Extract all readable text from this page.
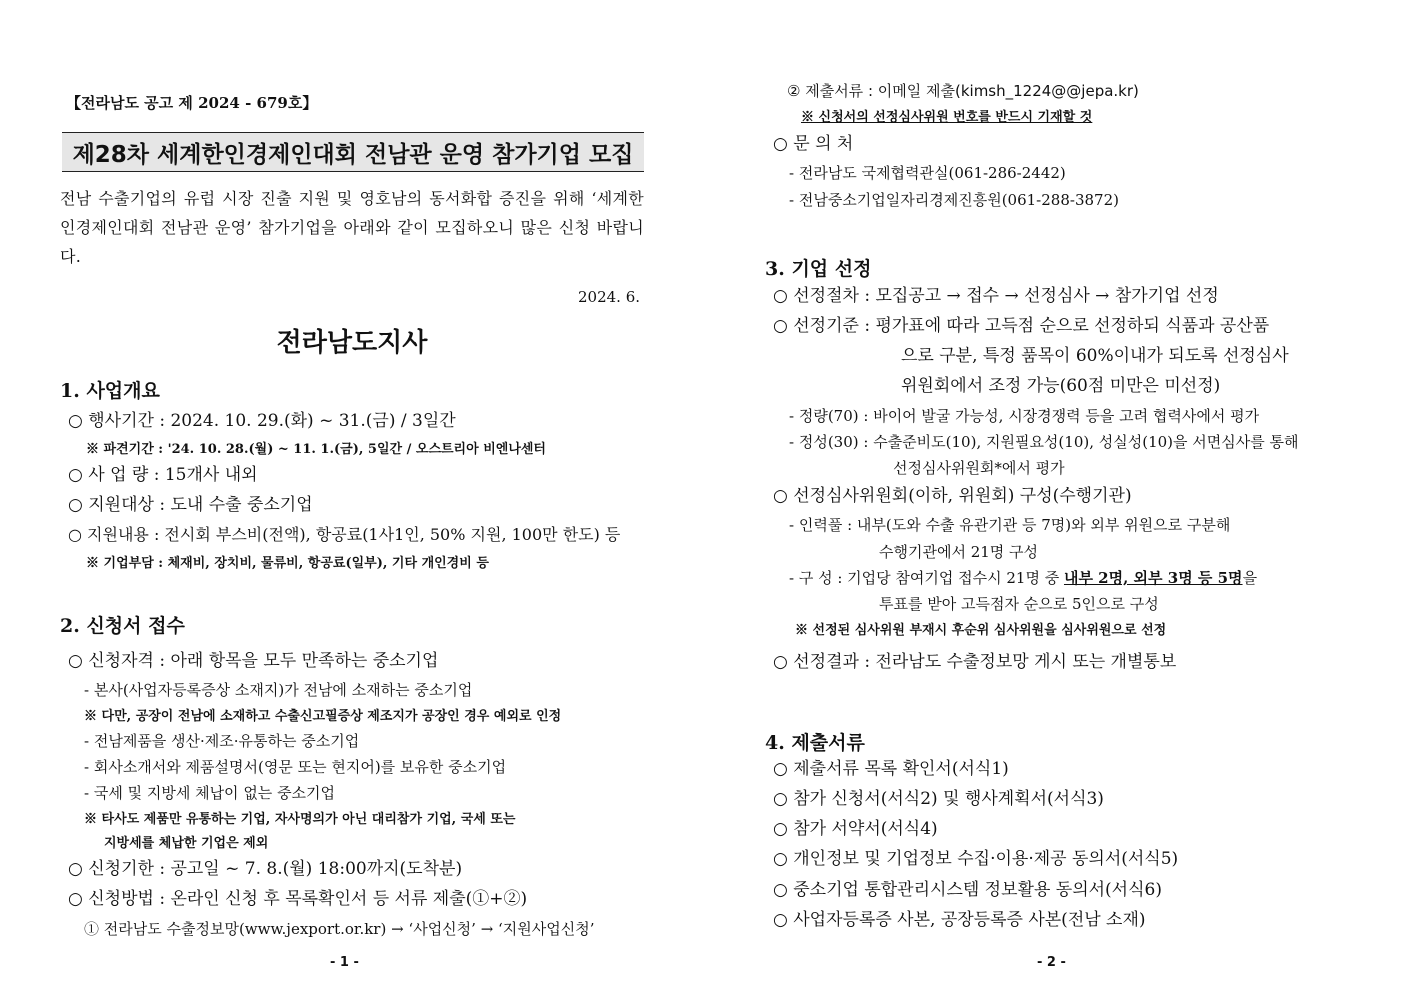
【전라남도 공고 제 2024 - 679호】
제28차 세계한인경제인대회 전남관 운영 참가기업 모집
전남 수출기업의 유럽 시장 진출 지원 및 영호남의 동서화합 증진을 위해 ‘세계한인경제인대회 전남관 운영’ 참가기업을 아래와 같이 모집하오니 많은 신청 바랍니다.
2024. 6.
전라남도지사
1. 사업개요
○ 행사기간 : 2024. 10. 29.(화) ~ 31.(금) / 3일간
※ 파견기간 : '24. 10. 28.(월) ~ 11. 1.(금), 5일간 / 오스트리아 비엔나센터
○ 사 업 량 : 15개사 내외
○ 지원대상 : 도내 수출 중소기업
○ 지원내용 : 전시회 부스비(전액), 항공료(1사1인, 50% 지원, 100만 한도) 등
※ 기업부담 : 체재비, 장치비, 물류비, 항공료(일부), 기타 개인경비 등
2. 신청서 접수
○ 신청자격 : 아래 항목을 모두 만족하는 중소기업
- 본사(사업자등록증상 소재지)가 전남에 소재하는 중소기업
※ 다만, 공장이 전남에 소재하고 수출신고필증상 제조지가 공장인 경우 예외로 인정
- 전남제품을 생산·제조·유통하는 중소기업
- 회사소개서와 제품설명서(영문 또는 현지어)를 보유한 중소기업
- 국세 및 지방세 체납이 없는 중소기업
※ 타사도 제품만 유통하는 기업, 자사명의가 아닌 대리참가 기업, 국세 또는
지방세를 체납한 기업은 제외
○ 신청기한 : 공고일 ~ 7. 8.(월) 18:00까지(도착분)
○ 신청방법 : 온라인 신청 후 목록확인서 등 서류 제출(①+②)
① 전라남도 수출정보망(www.jexport.or.kr) → ‘사업신청’ → ‘지원사업신청’
- 1 -
② 제출서류 : 이메일 제출(kimsh_1224@@jepa.kr)
※ 신청서의 선정심사위원 번호를 반드시 기재할 것
○ 문 의 처
- 전라남도 국제협력관실(061-286-2442)
- 전남중소기업일자리경제진흥원(061-288-3872)
3. 기업 선정
○ 선정절차 : 모집공고 → 접수 → 선정심사 → 참가기업 선정
○ 선정기준 : 평가표에 따라 고득점 순으로 선정하되 식품과 공산품
으로 구분, 특정 품목이 60%이내가 되도록 선정심사
위원회에서 조정 가능(60점 미만은 미선정)
- 정량(70) : 바이어 발굴 가능성, 시장경쟁력 등을 고려 협력사에서 평가
- 정성(30) : 수출준비도(10), 지원필요성(10), 성실성(10)을 서면심사를 통해
선정심사위원회*에서 평가
○ 선정심사위원회(이하, 위원회) 구성(수행기관)
- 인력풀 : 내부(도와 수출 유관기관 등 7명)와 외부 위원으로 구분해
수행기관에서 21명 구성
- 구 성 : 기업당 참여기업 접수시 21명 중 내부 2명, 외부 3명 등 5명을
투표를 받아 고득점자 순으로 5인으로 구성
※ 선정된 심사위원 부재시 후순위 심사위원을 심사위원으로 선정
○ 선정결과 : 전라남도 수출정보망 게시 또는 개별통보
4. 제출서류
○ 제출서류 목록 확인서(서식1)
○ 참가 신청서(서식2) 및 행사계획서(서식3)
○ 참가 서약서(서식4)
○ 개인정보 및 기업정보 수집·이용·제공 동의서(서식5)
○ 중소기업 통합관리시스템 정보활용 동의서(서식6)
○ 사업자등록증 사본, 공장등록증 사본(전남 소재)
- 2 -
